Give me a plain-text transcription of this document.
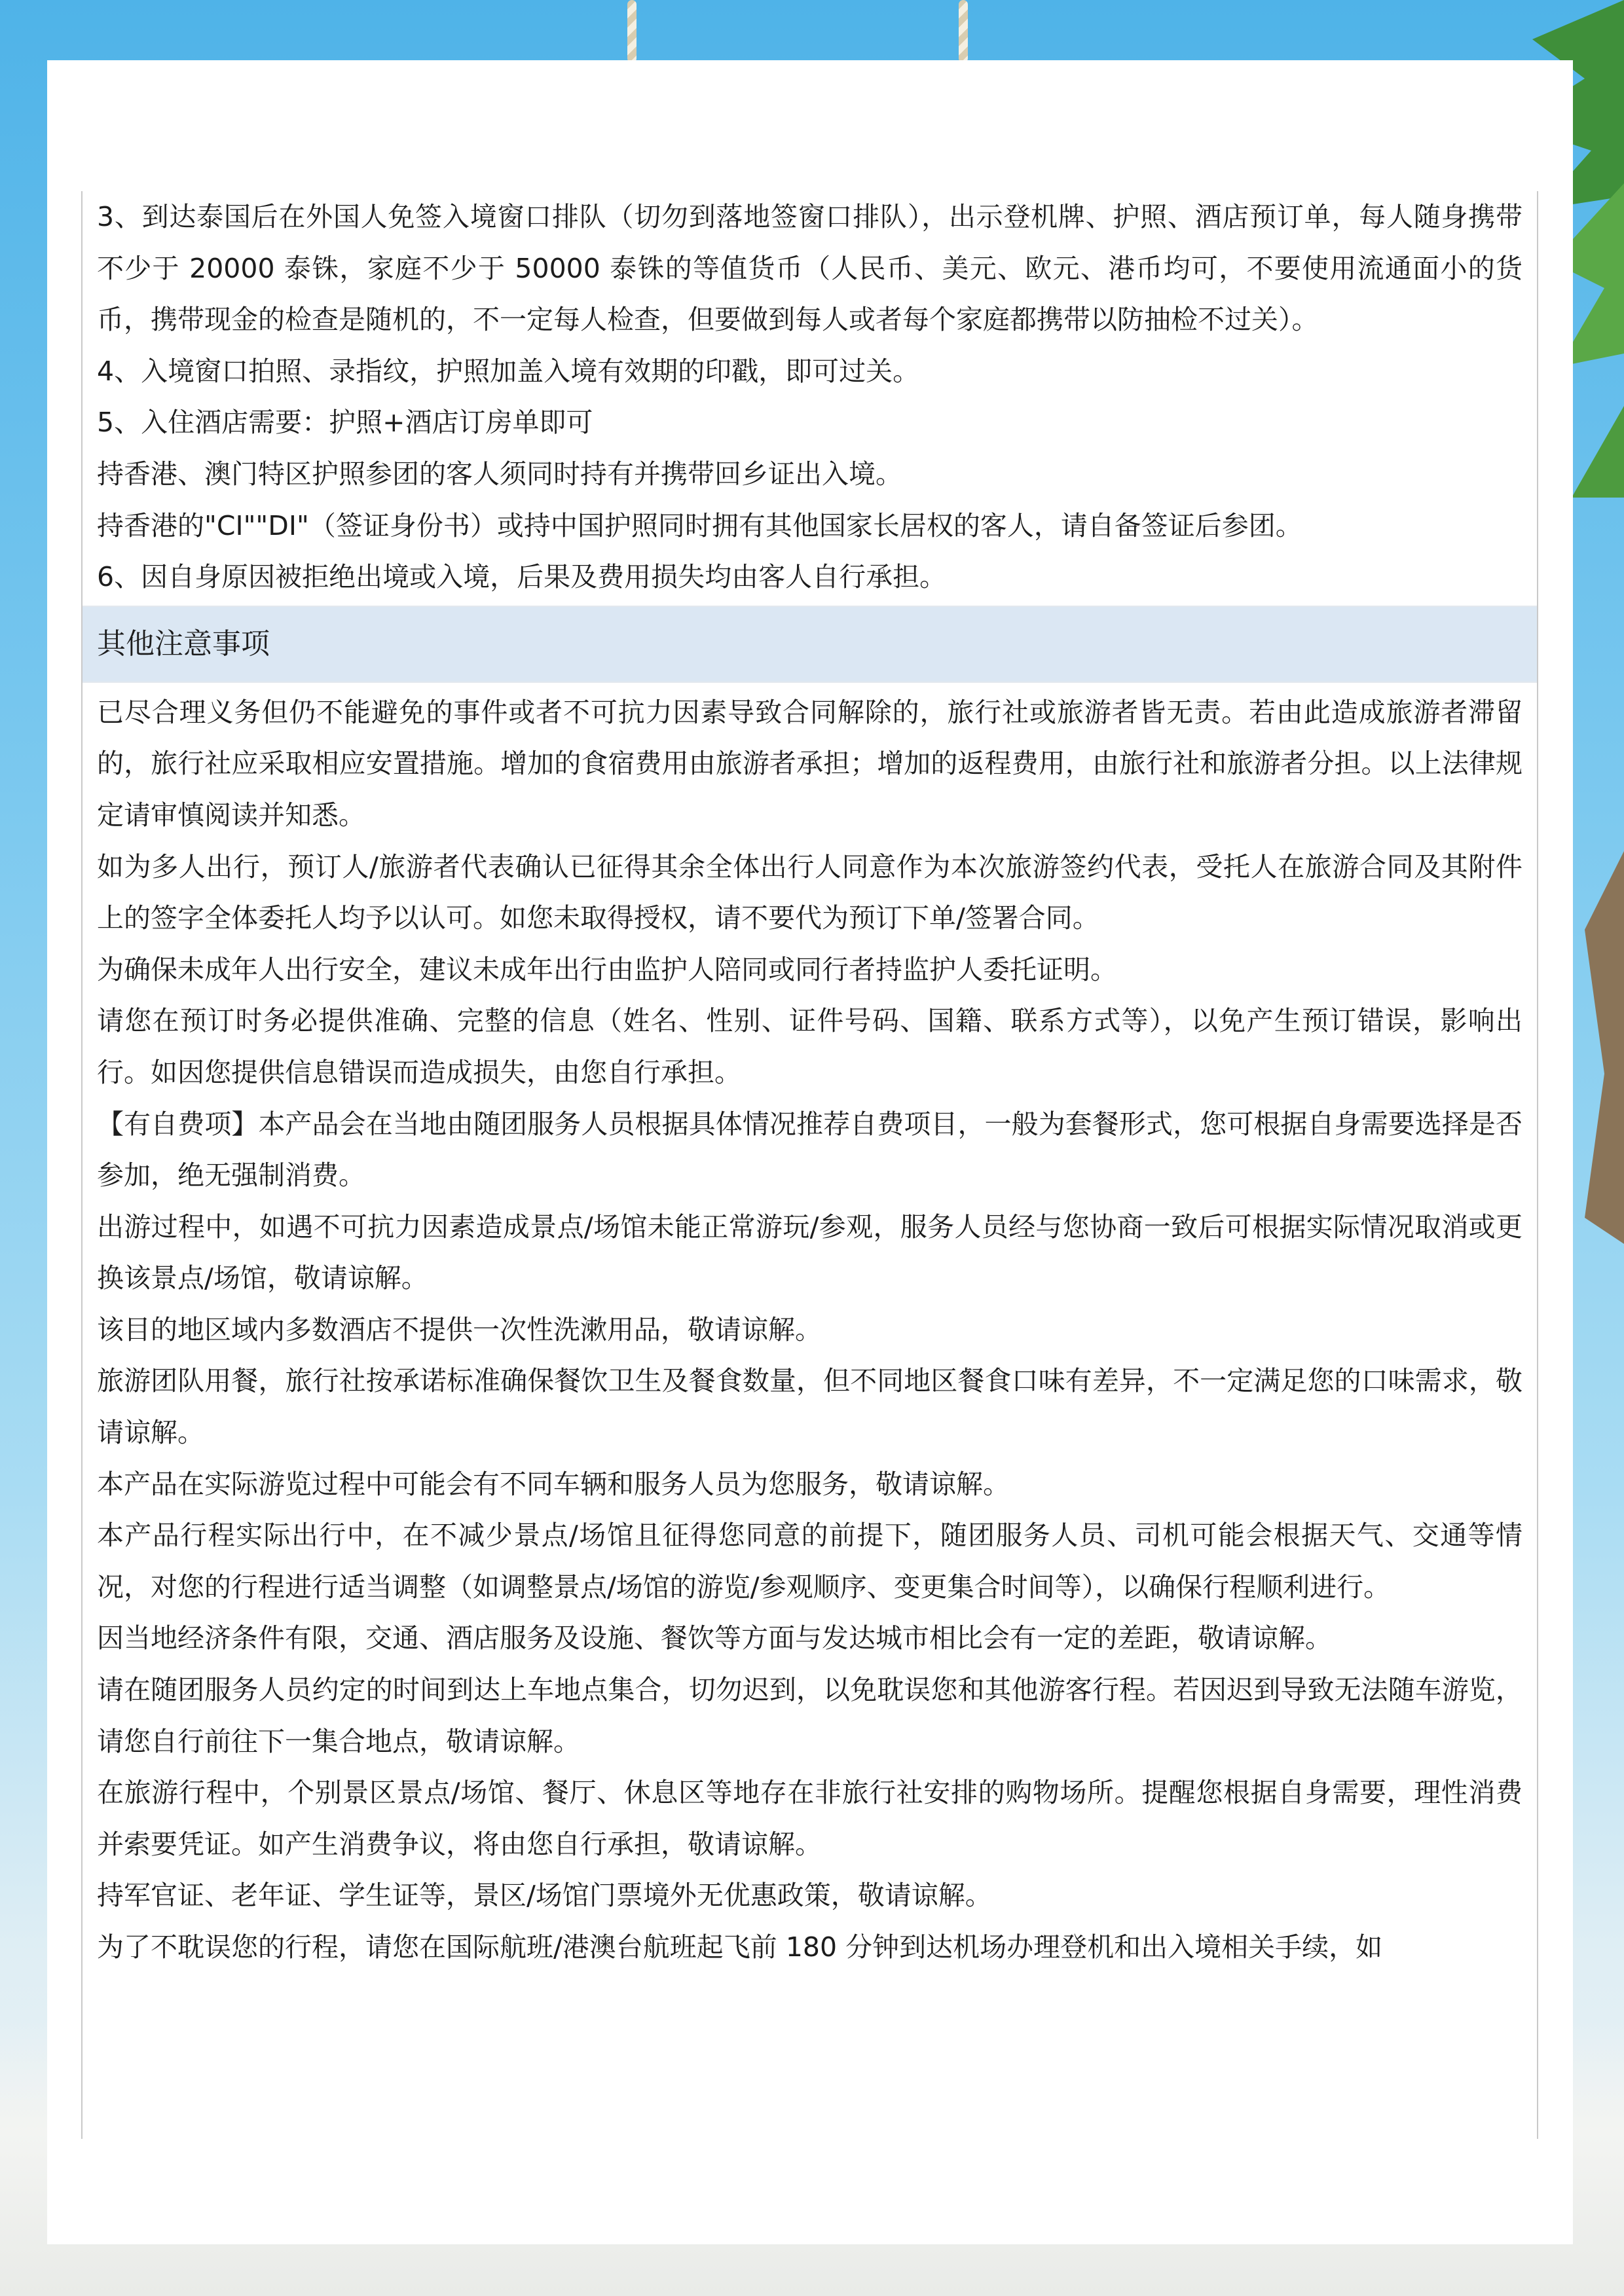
3、到达泰国后在外国人免签入境窗口排队（切勿到落地签窗口排队），出示登机牌、护照、酒店预订单，每人随身携带不少于 20000 泰铢，家庭不少于 50000 泰铢的等值货币（人民币、美元、欧元、港币均可，不要使用流通面小的货币，携带现金的检查是随机的，不一定每人检查，但要做到每人或者每个家庭都携带以防抽检不过关）。

4、入境窗口拍照、录指纹，护照加盖入境有效期的印戳，即可过关。

5、入住酒店需要：护照+酒店订房单即可

持香港、澳门特区护照参团的客人须同时持有并携带回乡证出入境。

持香港的"CI""DI"（签证身份书）或持中国护照同时拥有其他国家长居权的客人，请自备签证后参团。

6、因自身原因被拒绝出境或入境，后果及费用损失均由客人自行承担。

其他注意事项

已尽合理义务但仍不能避免的事件或者不可抗力因素导致合同解除的，旅行社或旅游者皆无责。若由此造成旅游者滞留的，旅行社应采取相应安置措施。增加的食宿费用由旅游者承担；增加的返程费用，由旅行社和旅游者分担。以上法律规定请审慎阅读并知悉。

如为多人出行，预订人/旅游者代表确认已征得其余全体出行人同意作为本次旅游签约代表，受托人在旅游合同及其附件上的签字全体委托人均予以认可。如您未取得授权，请不要代为预订下单/签署合同。

为确保未成年人出行安全，建议未成年出行由监护人陪同或同行者持监护人委托证明。

请您在预订时务必提供准确、完整的信息（姓名、性别、证件号码、国籍、联系方式等），以免产生预订错误，影响出行。如因您提供信息错误而造成损失，由您自行承担。

【有自费项】本产品会在当地由随团服务人员根据具体情况推荐自费项目，一般为套餐形式，您可根据自身需要选择是否参加，绝无强制消费。

出游过程中，如遇不可抗力因素造成景点/场馆未能正常游玩/参观，服务人员经与您协商一致后可根据实际情况取消或更换该景点/场馆，敬请谅解。

该目的地区域内多数酒店不提供一次性洗漱用品，敬请谅解。

旅游团队用餐，旅行社按承诺标准确保餐饮卫生及餐食数量，但不同地区餐食口味有差异，不一定满足您的口味需求，敬请谅解。

本产品在实际游览过程中可能会有不同车辆和服务人员为您服务，敬请谅解。

本产品行程实际出行中，在不减少景点/场馆且征得您同意的前提下，随团服务人员、司机可能会根据天气、交通等情况，对您的行程进行适当调整（如调整景点/场馆的游览/参观顺序、变更集合时间等），以确保行程顺利进行。

因当地经济条件有限，交通、酒店服务及设施、餐饮等方面与发达城市相比会有一定的差距，敬请谅解。

请在随团服务人员约定的时间到达上车地点集合，切勿迟到，以免耽误您和其他游客行程。若因迟到导致无法随车游览，请您自行前往下一集合地点，敬请谅解。

在旅游行程中，个别景区景点/场馆、餐厅、休息区等地存在非旅行社安排的购物场所。提醒您根据自身需要，理性消费并索要凭证。如产生消费争议，将由您自行承担，敬请谅解。

持军官证、老年证、学生证等，景区/场馆门票境外无优惠政策，敬请谅解。

为了不耽误您的行程，请您在国际航班/港澳台航班起飞前 180 分钟到达机场办理登机和出入境相关手续，如
